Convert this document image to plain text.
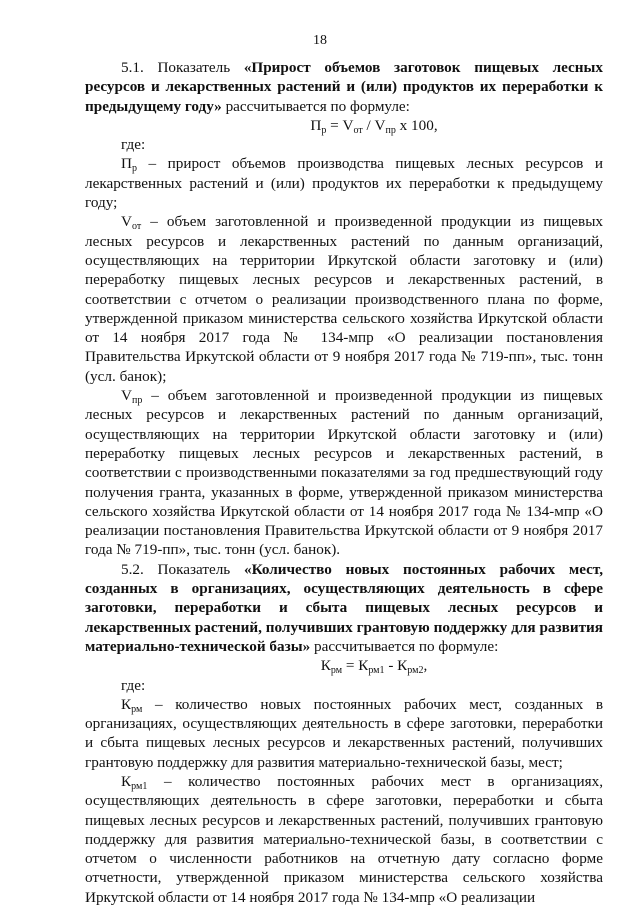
18

5.1. Показатель «Прирост объемов заготовок пищевых лесных ресурсов и лекарственных растений и (или) продуктов их переработки к предыдущему году» рассчитывается по формуле:

$П_р = V_{от} / V_{пр}$ х 100,

где:

$П_р$ – прирост объемов производства пищевых лесных ресурсов и лекарственных растений и (или) продуктов их переработки к предыдущему году;

$V_{от}$ – объем заготовленной и произведенной продукции из пищевых лесных ресурсов и лекарственных растений по данным организаций, осуществляющих на территории Иркутской области заготовку и (или) переработку пищевых лесных ресурсов и лекарственных растений, в соответствии с отчетом о реализации производственного плана по форме, утвержденной приказом министерства сельского хозяйства Иркутской области от 14 ноября 2017 года № 134-мпр «О реализации постановления Правительства Иркутской области от 9 ноября 2017 года № 719-пп», тыс. тонн (усл. банок);

$V_{пр}$ – объем заготовленной и произведенной продукции из пищевых лесных ресурсов и лекарственных растений по данным организаций, осуществляющих на территории Иркутской области заготовку и (или) переработку пищевых лесных ресурсов и лекарственных растений, в соответствии с производственными показателями за год предшествующий году получения гранта, указанных в форме, утвержденной приказом министерства сельского хозяйства Иркутской области от 14 ноября 2017 года № 134-мпр «О реализации постановления Правительства Иркутской области от 9 ноября 2017 года № 719-пп», тыс. тонн (усл. банок).

5.2. Показатель «Количество новых постоянных рабочих мест, созданных в организациях, осуществляющих деятельность в сфере заготовки, переработки и сбыта пищевых лесных ресурсов и лекарственных растений, получивших грантовую поддержку для развития материально-технической базы» рассчитывается по формуле:

$К_{рм} = К_{рм1} - К_{рм2}$,

где:

$К_{рм}$ – количество новых постоянных рабочих мест, созданных в организациях, осуществляющих деятельность в сфере заготовки, переработки и сбыта пищевых лесных ресурсов и лекарственных растений, получивших грантовую поддержку для развития материально-технической базы, мест;

$К_{рм1}$ – количество постоянных рабочих мест в организациях, осуществляющих деятельность в сфере заготовки, переработки и сбыта пищевых лесных ресурсов и лекарственных растений, получивших грантовую поддержку для развития материально-технической базы, в соответствии с отчетом о численности работников на отчетную дату согласно форме отчетности, утвержденной приказом министерства сельского хозяйства Иркутской области от 14 ноября 2017 года № 134-мпр «О реализации
